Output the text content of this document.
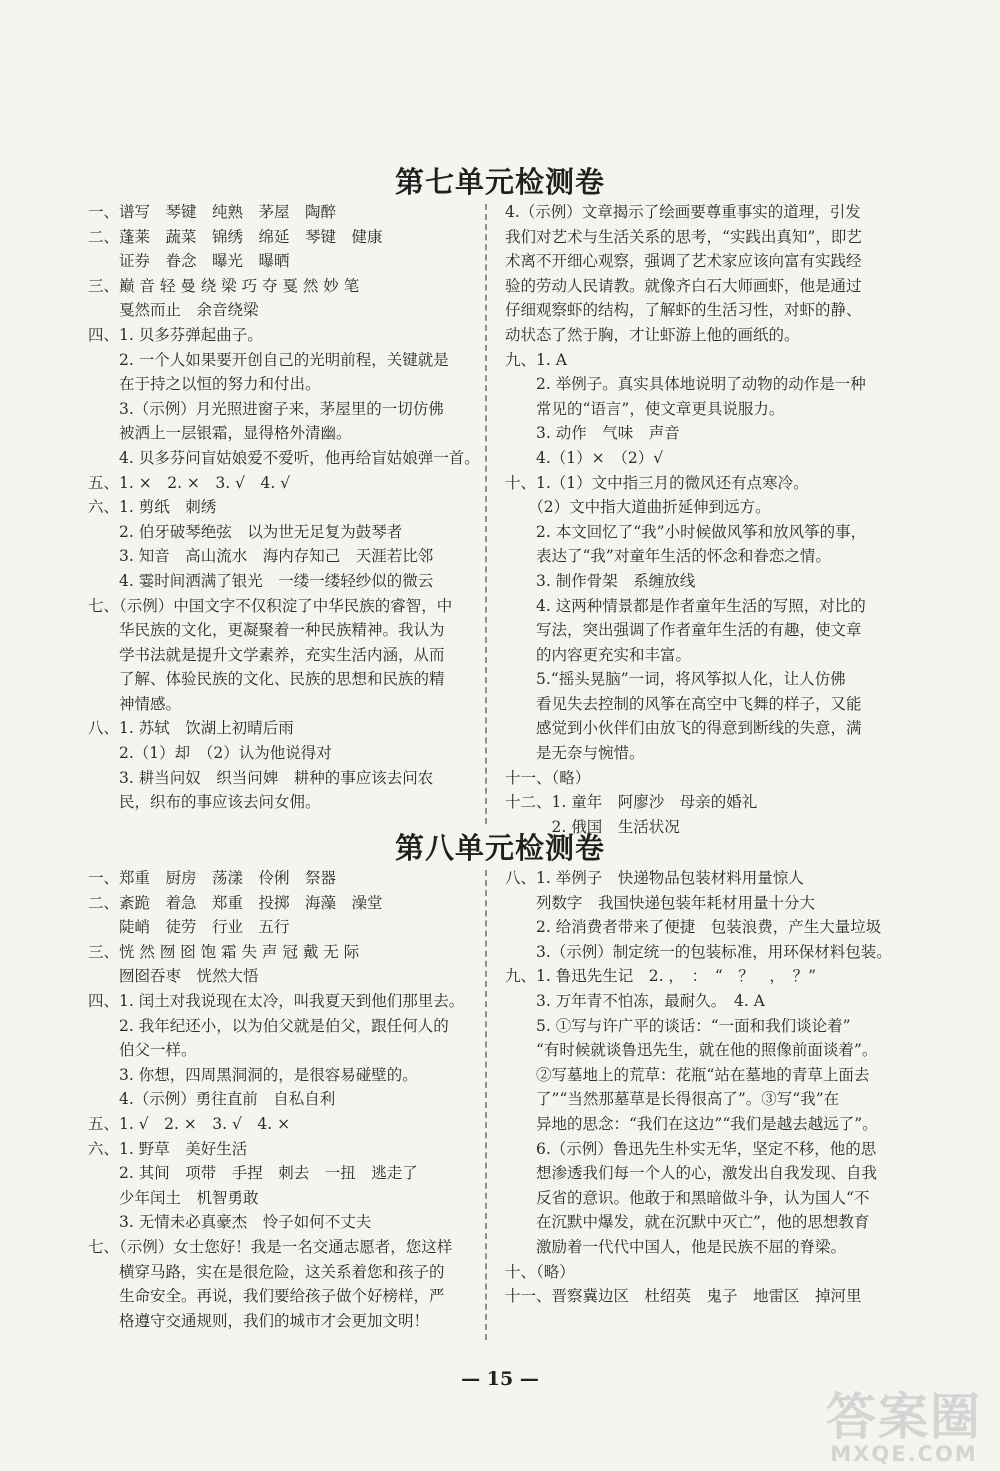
第七单元检测卷
一、谱写　琴键　纯熟　茅屋　陶醉
二、蓬莱　蔬菜　锦绣　绵延　琴键　健康
　　证券　眷念　曝光　曝晒
三、巅 音 轻 曼 绕 梁 巧 夺 戛 然 妙 笔
　　戛然而止　余音绕梁
四、1. 贝多芬弹起曲子。
　　2. 一个人如果要开创自己的光明前程，关键就是
　　在于持之以恒的努力和付出。
　　3.（示例）月光照进窗子来，茅屋里的一切仿佛
　　被洒上一层银霜，显得格外清幽。
　　4. 贝多芬问盲姑娘爱不爱听，他再给盲姑娘弹一首。
五、1. ×　2. ×　3. √　4. √
六、1. 剪纸　刺绣
　　2. 伯牙破琴绝弦　以为世无足复为鼓琴者
　　3. 知音　高山流水　海内存知己　天涯若比邻
　　4. 霎时间洒满了银光　一缕一缕轻纱似的微云
七、（示例）中国文字不仅积淀了中华民族的睿智，中
　　华民族的文化，更凝聚着一种民族精神。我认为
　　学书法就是提升文学素养，充实生活内涵，从而
　　了解、体验民族的文化、民族的思想和民族的精
　　神情感。
八、1. 苏轼　饮湖上初晴后雨
　　2.（1）却　（2）认为他说得对
　　3. 耕当问奴　织当问婢　耕种的事应该去问农
　　民，织布的事应该去问女佣。
4.（示例）文章揭示了绘画要尊重事实的道理，引发
我们对艺术与生活关系的思考，“实践出真知”，即艺
术离不开细心观察，强调了艺术家应该向富有实践经
验的劳动人民请教。就像齐白石大师画虾，他是通过
仔细观察虾的结构，了解虾的生活习性，对虾的静、
动状态了然于胸，才让虾游上他的画纸的。
九、1. A
　　2. 举例子。真实具体地说明了动物的动作是一种
　　常见的“语言”，使文章更具说服力。
　　3. 动作　气味　声音
　　4.（1）×　（2）√
十、1.（1）文中指三月的微风还有点寒冷。
　　（2）文中指大道曲折延伸到远方。
　　2. 本文回忆了“我”小时候做风筝和放风筝的事，
　　表达了“我”对童年生活的怀念和眷恋之情。
　　3. 制作骨架　系缠放线
　　4. 这两种情景都是作者童年生活的写照，对比的
　　写法，突出强调了作者童年生活的有趣，使文章
　　的内容更充实和丰富。
　　5.“摇头晃脑”一词，将风筝拟人化，让人仿佛
　　看见失去控制的风筝在高空中飞舞的样子，又能
　　感觉到小伙伴们由放飞的得意到断线的失意，满
　　是无奈与惋惜。
十一、（略）
十二、1. 童年　阿廖沙　母亲的婚礼
　　　2. 俄国　生活状况
第八单元检测卷
一、郑重　厨房　荡漾　伶俐　祭器
二、紊跪　着急　郑重　投掷　海藻　澡堂
　　陡峭　徒劳　行业　五行
三、恍 然 囫 囵 饱 霜 失 声 冠 戴 无 际
　　囫囵吞枣　恍然大悟
四、1. 闰土对我说现在太冷，叫我夏天到他们那里去。
　　2. 我年纪还小，以为伯父就是伯父，跟任何人的
　　伯父一样。
　　3. 你想，四周黑洞洞的，是很容易碰壁的。
　　4.（示例）勇往直前　自私自利
五、1. √　2. ×　3. √　4. ×
六、1. 野草　美好生活
　　2. 其间　项带　手捏　刺去　一扭　逃走了
　　少年闰土　机智勇敢
　　3. 无情未必真豪杰　怜子如何不丈夫
七、（示例）女士您好！我是一名交通志愿者，您这样
　　横穿马路，实在是很危险，这关系着您和孩子的
　　生命安全。再说，我们要给孩子做个好榜样，严
　　格遵守交通规则，我们的城市才会更加文明！
八、1. 举例子　快递物品包装材料用量惊人
　　列数字　我国快递包装年耗材用量十分大
　　2. 给消费者带来了便捷　包装浪费，产生大量垃圾
　　3.（示例）制定统一的包装标准，用环保材料包装。
九、1. 鲁迅先生记　2. ，　：　“　？　，　？”
　　3. 万年青不怕冻，最耐久。　4. A
　　5. ①写与许广平的谈话：“一面和我们谈论着”
　　“有时候就谈鲁迅先生，就在他的照像前面谈着”。
　　②写墓地上的荒草：花瓶“站在墓地的青草上面去
　　了”“当然那墓草是长得很高了”。③写“我”在
　　异地的思念：“我们在这边”“我们是越去越远了”。
　　6.（示例）鲁迅先生朴实无华，坚定不移，他的思
　　想渗透我们每一个人的心，激发出自我发现、自我
　　反省的意识。他敢于和黑暗做斗争，认为国人“不
　　在沉默中爆发，就在沉默中灭亡”，他的思想教育
　　激励着一代代中国人，他是民族不屈的脊梁。
十、（略）
十一、晋察冀边区　杜绍英　鬼子　地雷区　掉河里
— 15 —
答案圈
MXQE.COM
